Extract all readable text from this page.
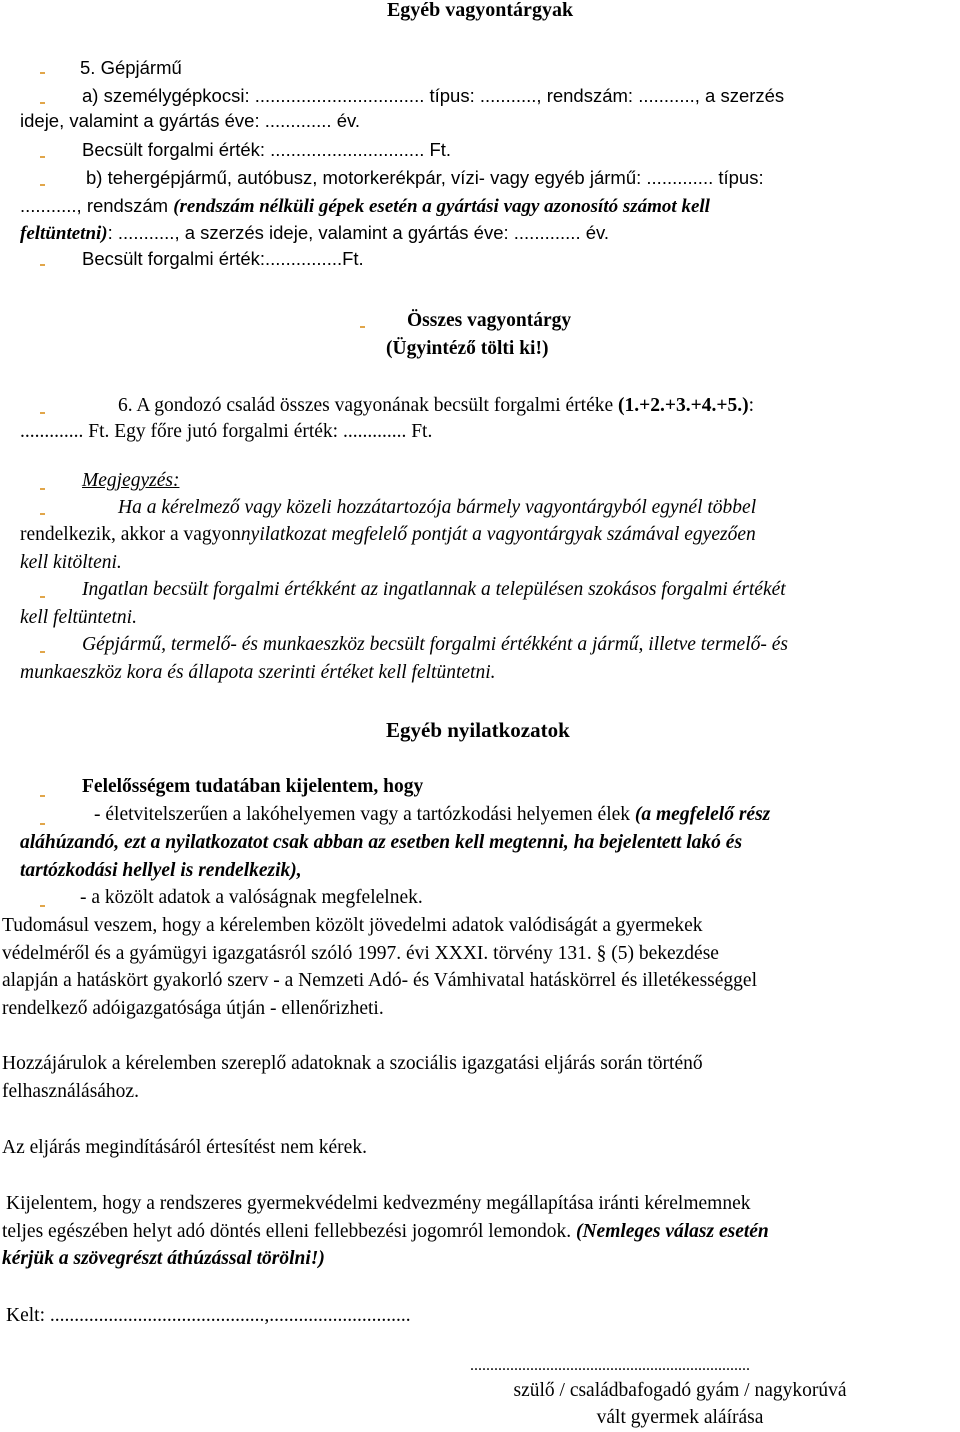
Egyéb vagyontárgyak
5. Gépjármű
a) személygépkocsi: ................................. típus: ..........., rendszám: ..........., a szerzés
ideje, valamint a gyártás éve: ............. év.
Becsült forgalmi érték: .............................. Ft.
b) tehergépjármű, autóbusz, motorkerékpár, vízi- vagy egyéb jármű: ............. típus:
..........., rendszám (rendszám nélküli gépek esetén a gyártási vagy azonosító számot kell
feltüntetni): ..........., a szerzés ideje, valamint a gyártás éve: ............. év.
Becsült forgalmi érték:...............Ft.
Összes vagyontárgy
(Ügyintéző tölti ki!)
6. A gondozó család összes vagyonának becsült forgalmi értéke (1.+2.+3.+4.+5.):
............. Ft. Egy főre jutó forgalmi érték: ............. Ft.
Megjegyzés:
Ha a kérelmező vagy közeli hozzátartozója bármely vagyontárgyból egynél többel
rendelkezik, akkor a vagyonnyilatkozat megfelelő pontját a vagyontárgyak számával egyezően
kell kitölteni.
Ingatlan becsült forgalmi értékként az ingatlannak a településen szokásos forgalmi értékét
kell feltüntetni.
Gépjármű, termelő- és munkaeszköz becsült forgalmi értékként a jármű, illetve termelő- és
munkaeszköz kora és állapota szerinti értéket kell feltüntetni.
Egyéb nyilatkozatok
Felelősségem tudatában kijelentem, hogy
- életvitelszerűen a lakóhelyemen vagy a tartózkodási helyemen élek (a megfelelő rész
aláhúzandó, ezt a nyilatkozatot csak abban az esetben kell megtenni, ha bejelentett lakó és
tartózkodási hellyel is rendelkezik),
- a közölt adatok a valóságnak megfelelnek.
Tudomásul veszem, hogy a kérelemben közölt jövedelmi adatok valódiságát a gyermekek
védelméről és a gyámügyi igazgatásról szóló 1997. évi XXXI. törvény 131. § (5) bekezdése
alapján a hatáskört gyakorló szerv - a Nemzeti Adó- és Vámhivatal hatáskörrel és illetékességgel
rendelkező adóigazgatósága útján - ellenőrizheti.
Hozzájárulok a kérelemben szereplő adatoknak a szociális igazgatási eljárás során történő
felhasználásához.
Az eljárás megindításáról értesítést nem kérek.
Kijelentem, hogy a rendszeres gyermekvédelmi kedvezmény megállapítása iránti kérelmemnek
teljes egészében helyt adó döntés elleni fellebbezési jogomról lemondok. (Nemleges válasz esetén
kérjük a szövegrészt áthúzással törölni!)
Kelt: ............................................,.............................
......................................................................
szülő / családbafogadó gyám / nagykorúvá
vált gyermek aláírása
